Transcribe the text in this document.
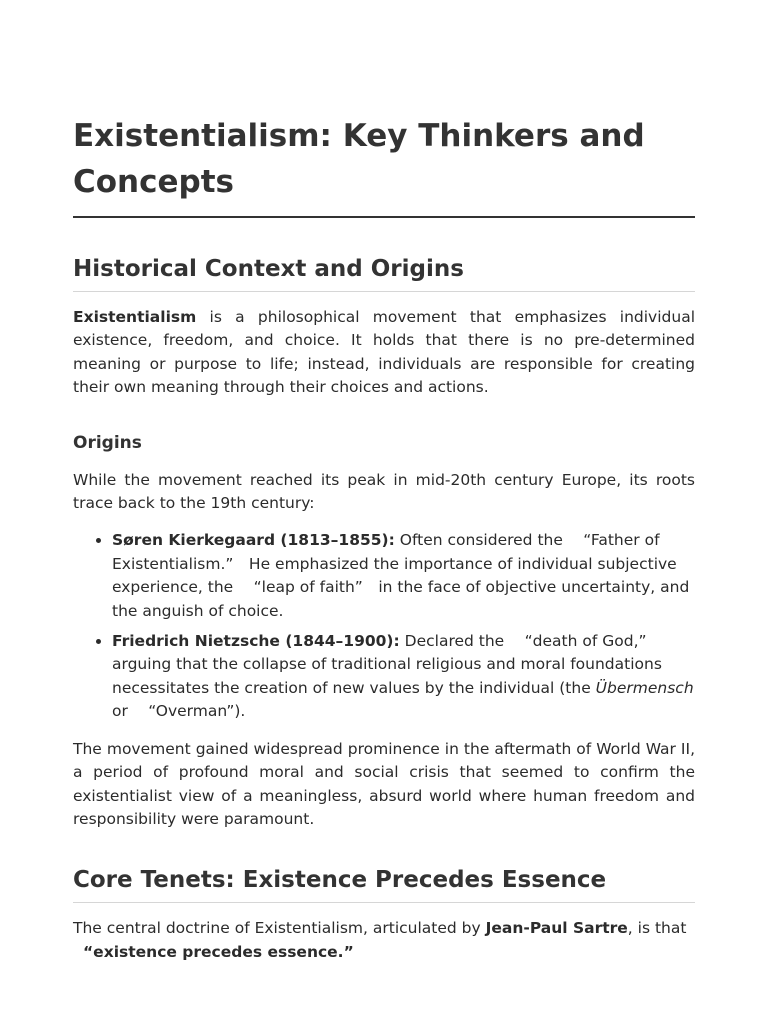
Existentialism: Key Thinkers and Concepts
Historical Context and Origins

Existentialism is a philosophical movement that emphasizes individual existence, freedom, and choice. It holds that there is no pre-determined meaning or purpose to life; instead, individuals are responsible for creating their own meaning through their choices and actions.

Origins

While the movement reached its peak in mid-20th century Europe, its roots trace back to the 19th century:

• Søren Kierkegaard (1813–1855): Often considered the 　“Father of Existentialism.”　He emphasized the importance of individual subjective experience, the 　“leap of faith”　in the face of objective uncertainty, and the anguish of choice.
• Friedrich Nietzsche (1844–1900): Declared the 　“death of God,”　arguing that the collapse of traditional religious and moral foundations necessitates the creation of new values by the individual (the Übermensch or 　“Overman”).

The movement gained widespread prominence in the aftermath of World War II, a period of profound moral and social crisis that seemed to confirm the existentialist view of a meaningless, absurd world where human freedom and responsibility were paramount.

Core Tenets: Existence Precedes Essence

The central doctrine of Existentialism, articulated by Jean-Paul Sartre, is that
“existence precedes essence.”
